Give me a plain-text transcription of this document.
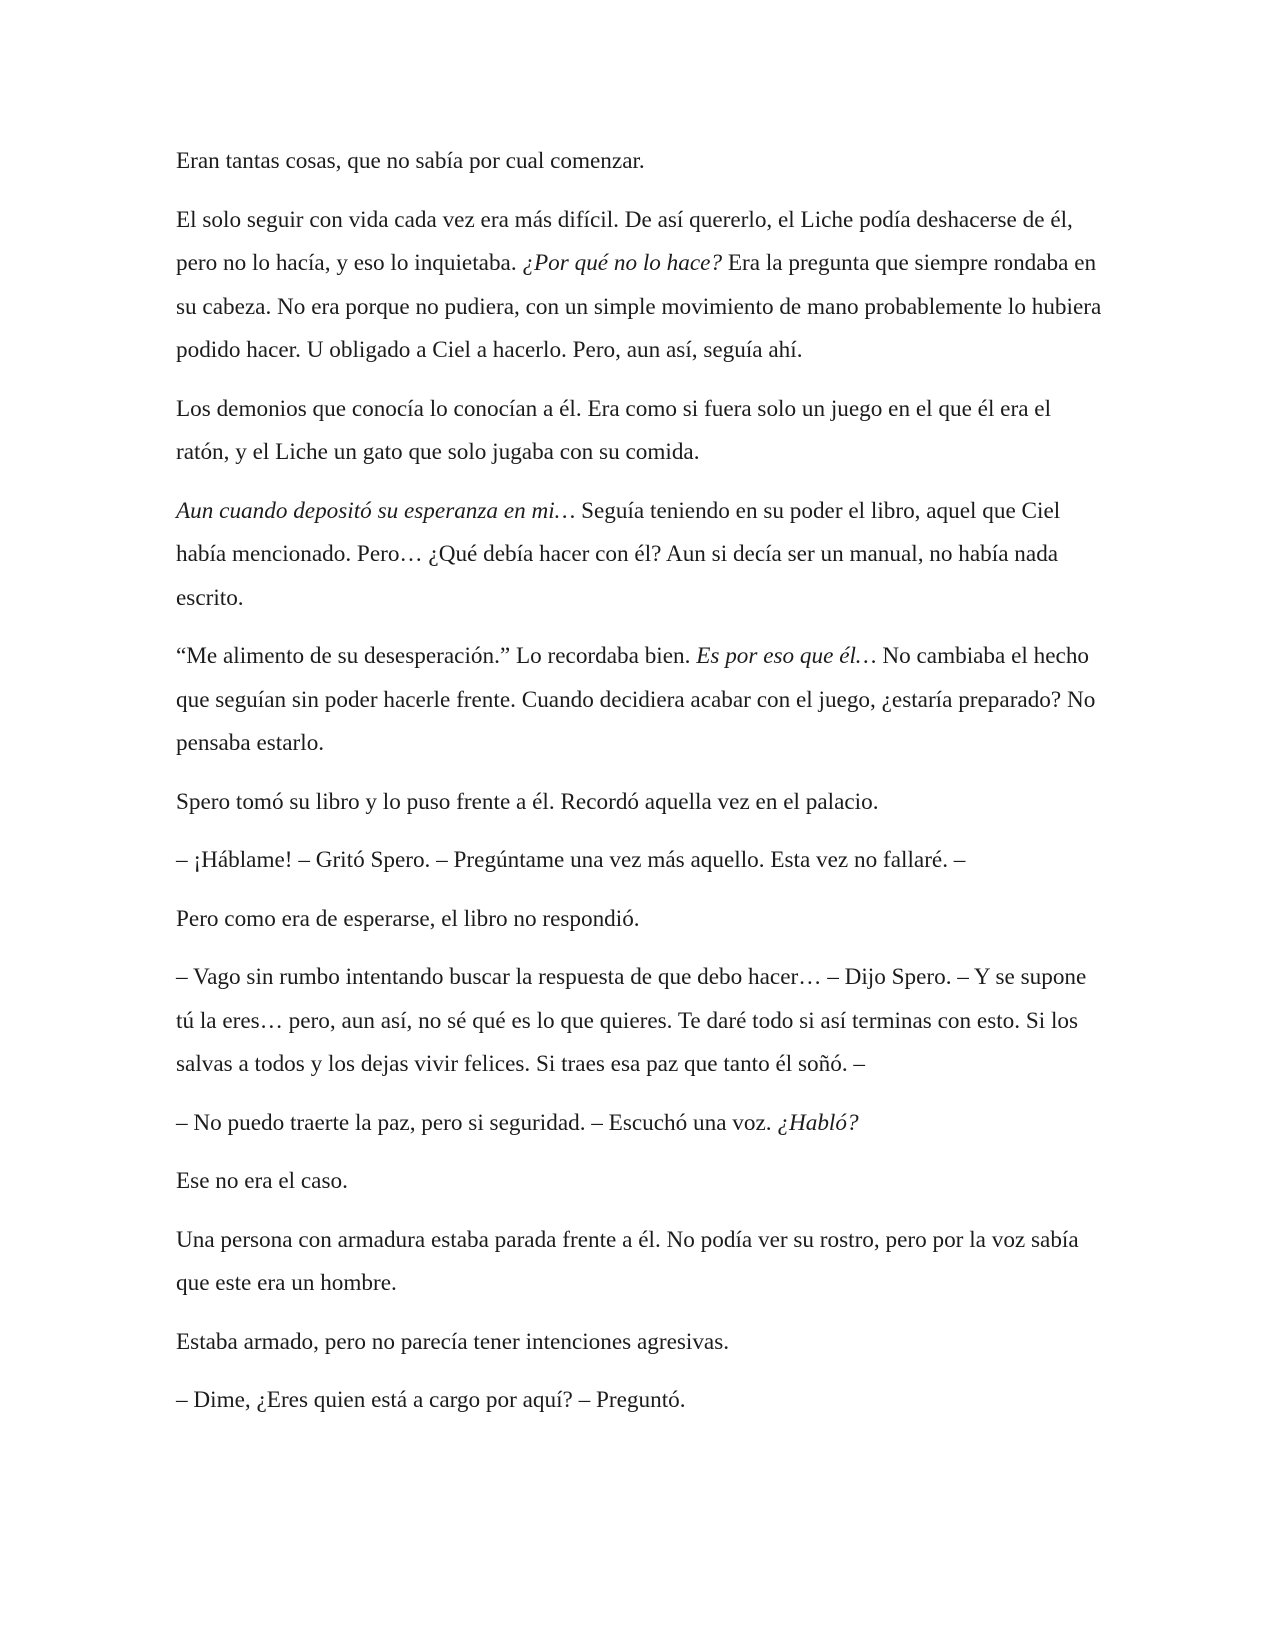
Eran tantas cosas, que no sabía por cual comenzar.

El solo seguir con vida cada vez era más difícil. De así quererlo, el Liche podía deshacerse de él, pero no lo hacía, y eso lo inquietaba. ¿Por qué no lo hace? Era la pregunta que siempre rondaba en su cabeza. No era porque no pudiera, con un simple movimiento de mano probablemente lo hubiera podido hacer. U obligado a Ciel a hacerlo. Pero, aun así, seguía ahí.

Los demonios que conocía lo conocían a él. Era como si fuera solo un juego en el que él era el ratón, y el Liche un gato que solo jugaba con su comida.

Aun cuando depositó su esperanza en mi… Seguía teniendo en su poder el libro, aquel que Ciel había mencionado. Pero… ¿Qué debía hacer con él? Aun si decía ser un manual, no había nada escrito.

“Me alimento de su desesperación.” Lo recordaba bien. Es por eso que él… No cambiaba el hecho que seguían sin poder hacerle frente. Cuando decidiera acabar con el juego, ¿estaría preparado? No pensaba estarlo.

Spero tomó su libro y lo puso frente a él. Recordó aquella vez en el palacio.

– ¡Háblame! – Gritó Spero. – Pregúntame una vez más aquello. Esta vez no fallaré. –

Pero como era de esperarse, el libro no respondió.

– Vago sin rumbo intentando buscar la respuesta de que debo hacer… – Dijo Spero. – Y se supone tú la eres… pero, aun así, no sé qué es lo que quieres. Te daré todo si así terminas con esto. Si los salvas a todos y los dejas vivir felices. Si traes esa paz que tanto él soñó. –

– No puedo traerte la paz, pero si seguridad. – Escuchó una voz. ¿Habló?

Ese no era el caso.

Una persona con armadura estaba parada frente a él. No podía ver su rostro, pero por la voz sabía que este era un hombre.

Estaba armado, pero no parecía tener intenciones agresivas.

– Dime, ¿Eres quien está a cargo por aquí? – Preguntó.
